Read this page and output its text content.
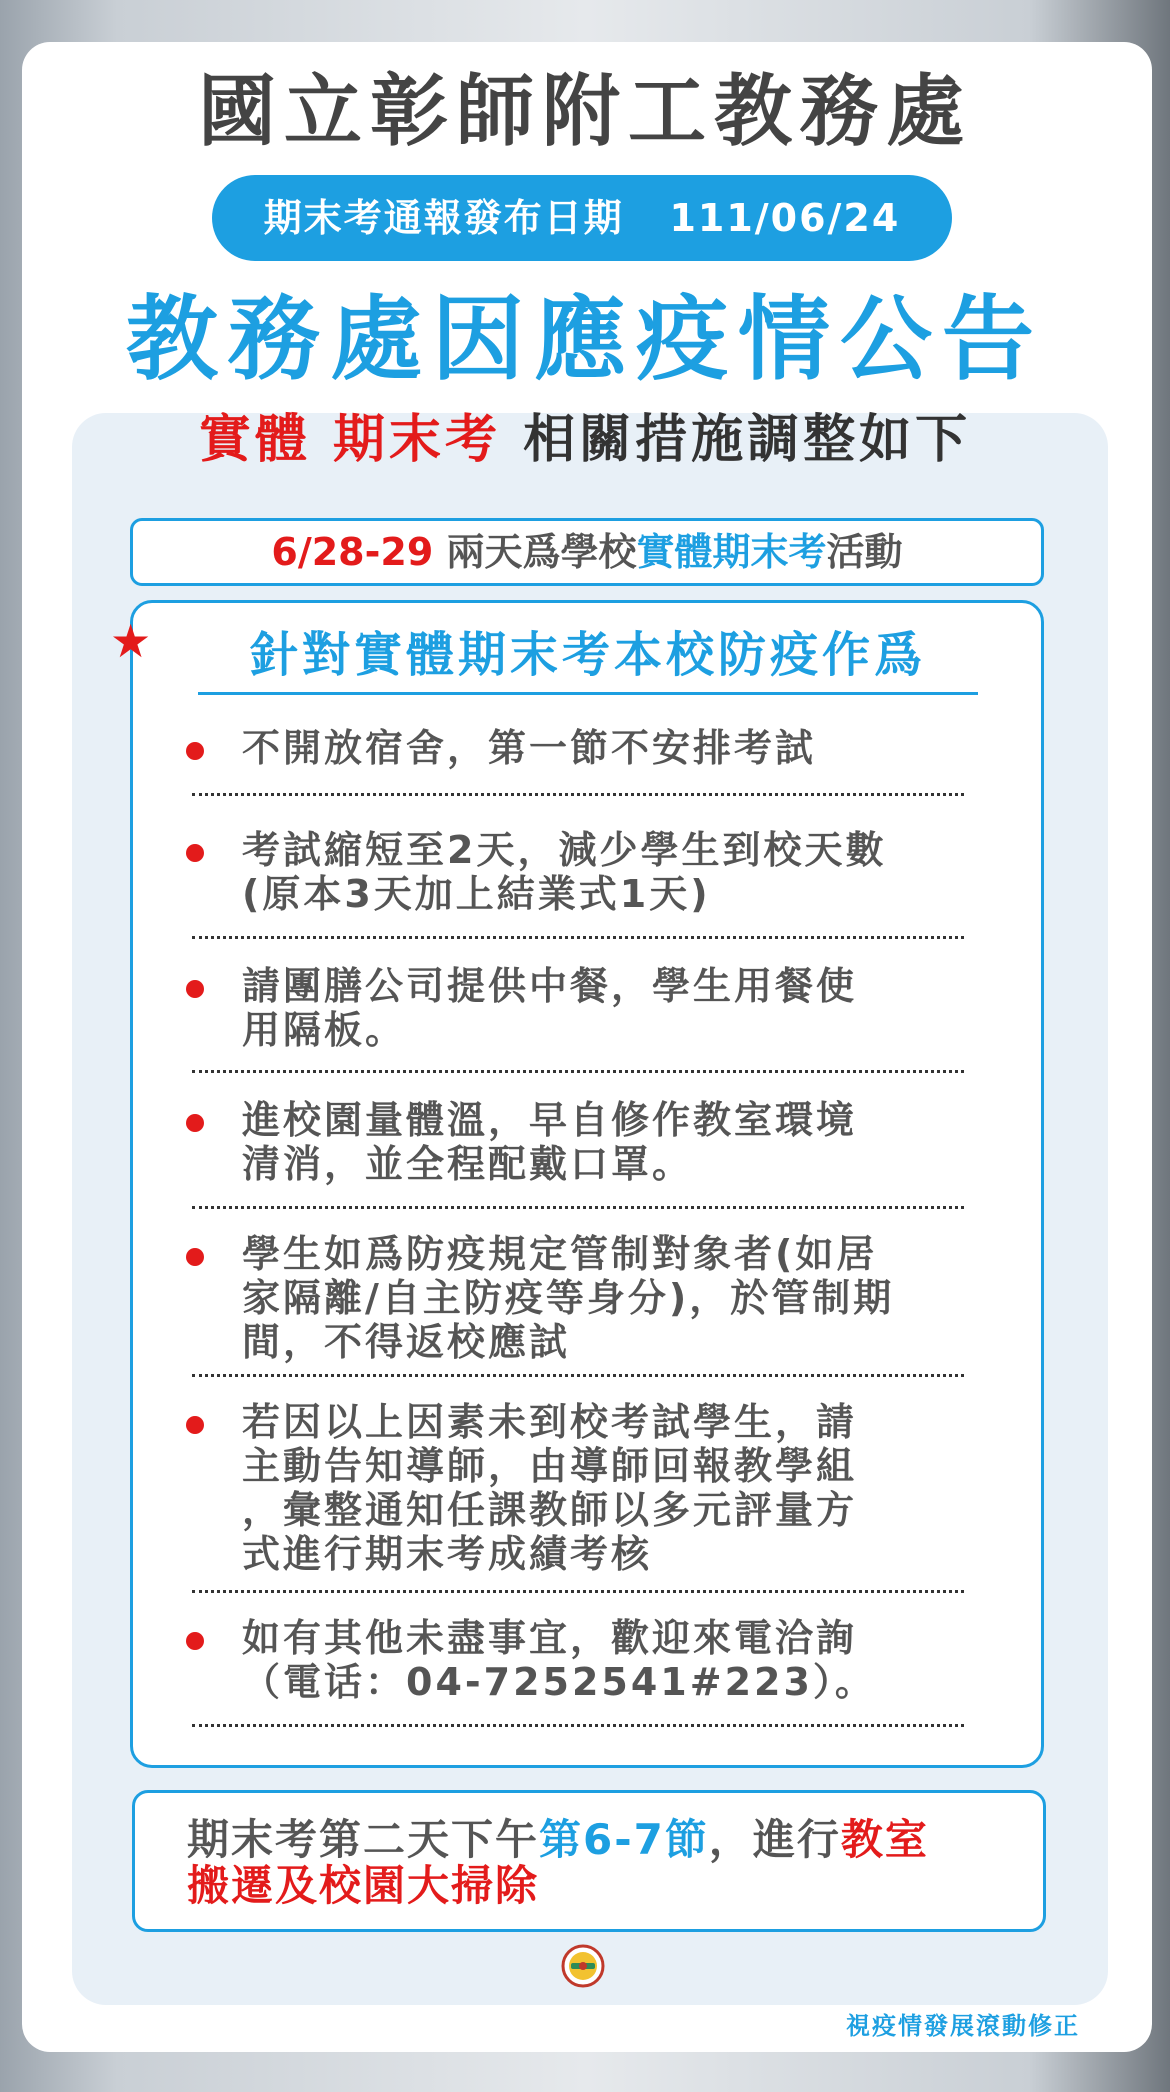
國立彰師附工教務處
期末考通報發布日期 111/06/24
教務處因應疫情公告
實體 期末考 相關措施調整如下
6/28-29 兩天爲學校實體期末考活動
★	針對實體期末考本校防疫作爲
不開放宿舍，第一節不安排考試
考試縮短至2天，減少學生到校天數
(原本3天加上結業式1天)
請團膳公司提供中餐，學生用餐使
用隔板。
進校園量體溫，早自修作教室環境
清消，並全程配戴口罩。
學生如爲防疫規定管制對象者(如居
家隔離/自主防疫等身分)，於管制期
間，不得返校應試
若因以上因素未到校考試學生，請
主動告知導師，由導師回報教學組
，彙整通知任課教師以多元評量方
式進行期末考成績考核
如有其他未盡事宜，歡迎來電洽詢
（電话：04-7252541#223）。
期末考第二天下午第6-7節，進行教室
搬遷及校園大掃除
視疫情發展滾動修正
